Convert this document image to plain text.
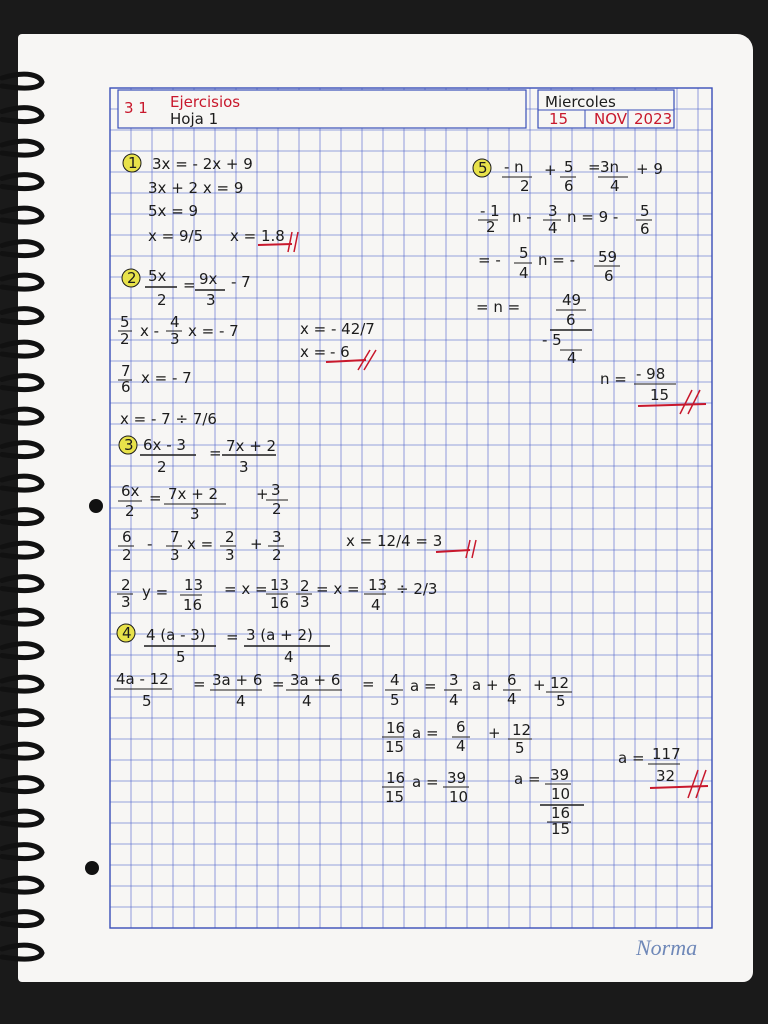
1 3x = - 2x + 9
3x + 2 x = 9
5x = 9
x = 9/5 x = 1.8
2 5x
2
= 9x
3
- 7
5
2 x - 4
3 x = - 7
7
6 x = - 7
x = - 7 ÷ 7/6
x = - 42/7
x = - 6
3 6x - 3
2
= 7x + 2
3
6x
2
= 7x + 2
3
+ 3
2
6
2
- 7
3
x = 2
3
+ 3
2
x = 12/4 = 3
2
3
y = 13
16
= x = 13
16
2
3
= x = 13
4
÷ 2/3
4 4 (a - 3)
5
= 3 (a + 2)
4
4a - 12
5
= 3a + 6
4
= 3a + 6
4
= 4
5
a = 3
4
a + 6
4
+ 12
5
16
15
a = 6
4
+ 12
5
16
15
a = 39
10
a = 39
10
16
15
a = 117
32
5 - n
2
+ 5
6
= 3n
4
+ 9
- 1
2
n - 3
4
n = 9 - 5
6
= - 5
4
n = - 59
6
= n =	49
6
- 5
4
n = - 98
15
Norma
3 1 Ejercisios
Hoja 1
Miercoles
15 NOV 2023
